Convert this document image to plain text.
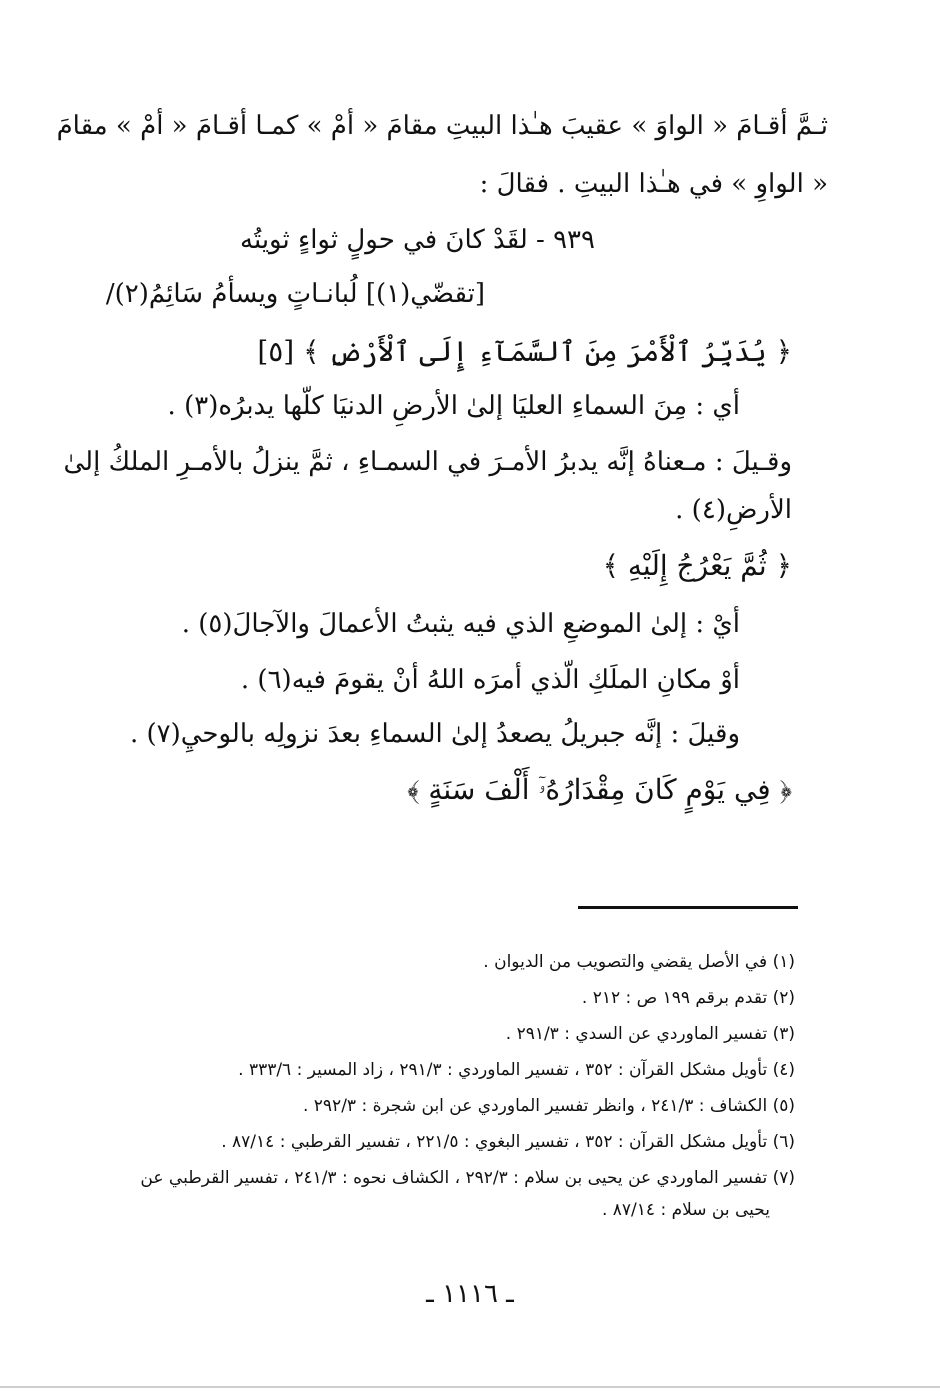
ثـمَّ أقـامَ « الواوَ » عقيبَ هـٰذا البيتِ مقامَ « أمْ » كمـا أقـامَ « أمْ » مقامَ
« الواوِ » في هـٰذا البيتِ . فقالَ :
٩٣٩ - لقَدْ كانَ في حولٍ ثواءٍ ثويتُه
[تقضّي(١)] لُبانـاتٍ ويسأمُ سَائِمُ(٢)/
﴿ يُدَبِّرُ ٱلْأَمْرَ مِنَ ٱلسَّمَآءِ إِلَى ٱلْأَرْضِ ﴾ [٥]
أي : مِنَ السماءِ العليَا إلىٰ الأرضِ الدنيَا كلّها يدبرُه(٣) .
وقـيلَ : مـعناهُ إنَّه يدبرُ الأمـرَ في السمـاءِ ، ثمَّ ينزلُ بالأمـرِ الملكُ إلىٰ
الأرضِ(٤) .
﴿ ثُمَّ يَعْرُجُ إِلَيْهِ ﴾
أيْ : إلىٰ الموضعِ الذي فيه يثبتُ الأعمالَ والآجالَ(٥) .
أوْ مكانِ الملَكِ الّذي أمرَه اللهُ أنْ يقومَ فيه(٦) .
وقيلَ : إنَّه جبريلُ يصعدُ إلىٰ السماءِ بعدَ نزولِه بالوحيِ(٧) .
﴿ فِي يَوْمٍ كَانَ مِقْدَارُهُۥٓ أَلْفَ سَنَةٍ ﴾
(١) في الأصل يقضي والتصويب من الديوان .
(٢) تقدم برقم ١٩٩ ص : ٢١٢ .
(٣) تفسير الماوردي عن السدي : ٢٩١/٣ .
(٤) تأويل مشكل القرآن : ٣٥٢ ، تفسير الماوردي : ٢٩١/٣ ، زاد المسير : ٣٣٣/٦ .
(٥) الكشاف : ٢٤١/٣ ، وانظر تفسير الماوردي عن ابن شجرة : ٢٩٢/٣ .
(٦) تأويل مشكل القرآن : ٣٥٢ ، تفسير البغوي : ٢٢١/٥ ، تفسير القرطبي : ٨٧/١٤ .
(٧) تفسير الماوردي عن يحيى بن سلام : ٢٩٢/٣ ، الكشاف نحوه : ٢٤١/٣ ، تفسير القرطبي عن
يحيى بن سلام : ٨٧/١٤ .
ـ ١١١٦ ـ
